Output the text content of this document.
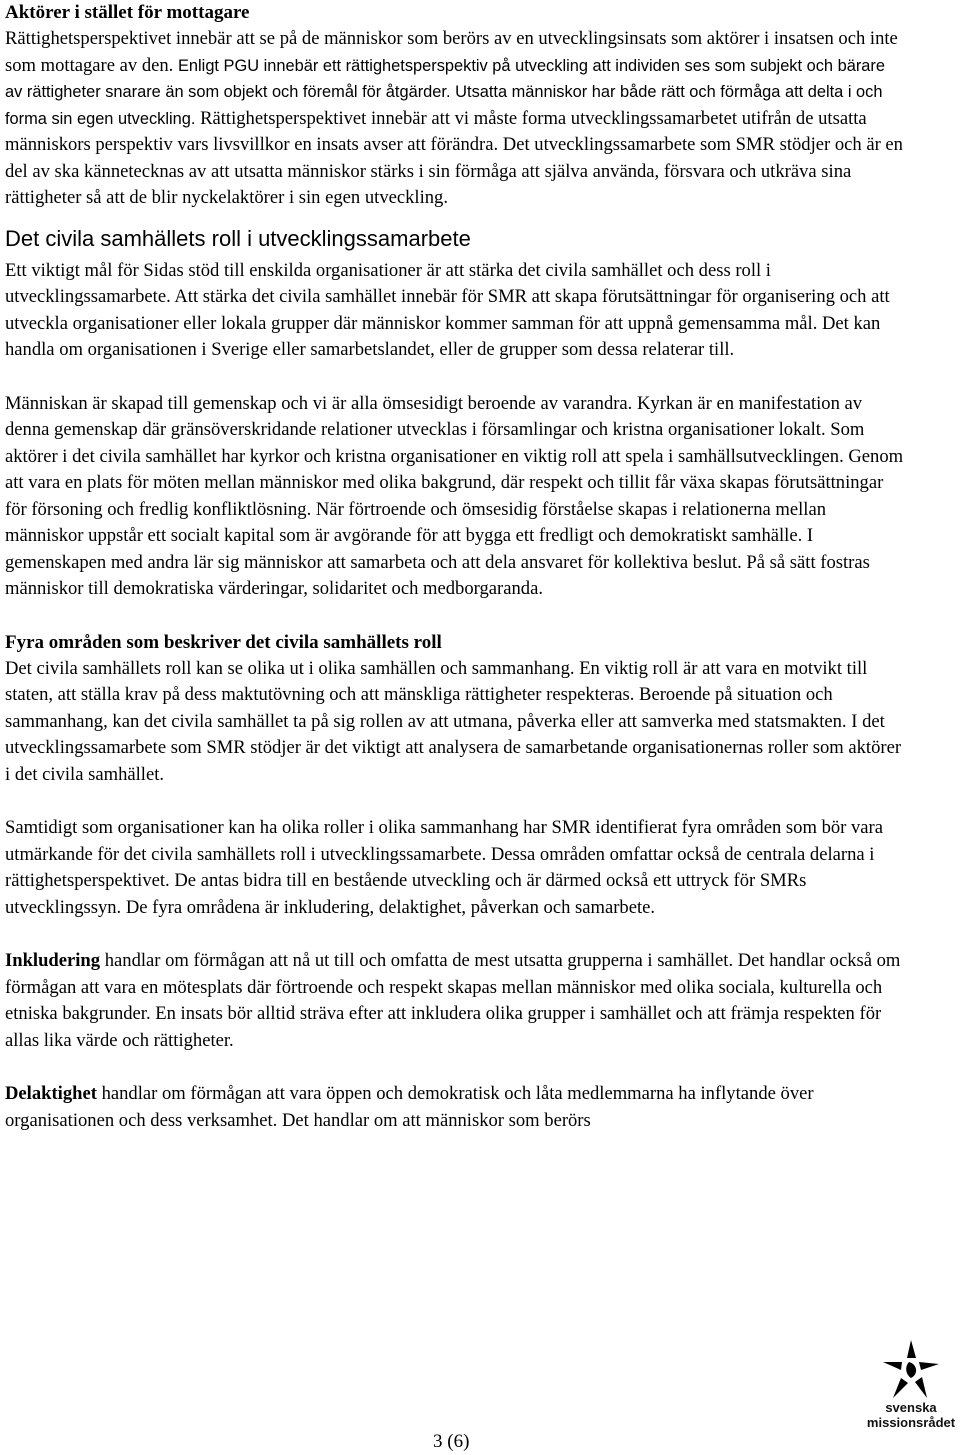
Aktörer i stället för mottagare

Rättighetsperspektivet innebär att se på de människor som berörs av en utvecklingsinsats som aktörer i insatsen och inte som mottagare av den. Enligt PGU innebär ett rättighetsperspektiv på utveckling att individen ses som subjekt och bärare av rättigheter snarare än som objekt och föremål för åtgärder. Utsatta människor har både rätt och förmåga att delta i och forma sin egen utveckling. Rättighetsperspektivet innebär att vi måste forma utvecklingssamarbetet utifrån de utsatta människors perspektiv vars livsvillkor en insats avser att förändra. Det utvecklingssamarbete som SMR stödjer och är en del av ska kännetecknas av att utsatta människor stärks i sin förmåga att själva använda, försvara och utkräva sina rättigheter så att de blir nyckelaktörer i sin egen utveckling.

Det civila samhällets roll i utvecklingssamarbete

Ett viktigt mål för Sidas stöd till enskilda organisationer är att stärka det civila samhället och dess roll i utvecklingssamarbete. Att stärka det civila samhället innebär för SMR att skapa förutsättningar för organisering och att utveckla organisationer eller lokala grupper där människor kommer samman för att uppnå gemensamma mål. Det kan handla om organisationen i Sverige eller samarbetslandet, eller de grupper som dessa relaterar till.

Människan är skapad till gemenskap och vi är alla ömsesidigt beroende av varandra. Kyrkan är en manifestation av denna gemenskap där gränsöverskridande relationer utvecklas i församlingar och kristna organisationer lokalt. Som aktörer i det civila samhället har kyrkor och kristna organisationer en viktig roll att spela i samhällsutvecklingen. Genom att vara en plats för möten mellan människor med olika bakgrund, där respekt och tillit får växa skapas förutsättningar för försoning och fredlig konfliktlösning. När förtroende och ömsesidig förståelse skapas i relationerna mellan människor uppstår ett socialt kapital som är avgörande för att bygga ett fredligt och demokratiskt samhälle. I gemenskapen med andra lär sig människor att samarbeta och att dela ansvaret för kollektiva beslut. På så sätt fostras människor till demokratiska värderingar, solidaritet och medborgaranda.

Fyra områden som beskriver det civila samhällets roll

Det civila samhällets roll kan se olika ut i olika samhällen och sammanhang. En viktig roll är att vara en motvikt till staten, att ställa krav på dess maktutövning och att mänskliga rättigheter respekteras. Beroende på situation och sammanhang, kan det civila samhället ta på sig rollen av att utmana, påverka eller att samverka med statsmakten. I det utvecklingssamarbete som SMR stödjer är det viktigt att analysera de samarbetande organisationernas roller som aktörer i det civila samhället.

Samtidigt som organisationer kan ha olika roller i olika sammanhang har SMR identifierat fyra områden som bör vara utmärkande för det civila samhällets roll i utvecklingssamarbete. Dessa områden omfattar också de centrala delarna i rättighetsperspektivet. De antas bidra till en bestående utveckling och är därmed också ett uttryck för SMRs utvecklingssyn. De fyra områdena är inkludering, delaktighet, påverkan och samarbete.

Inkludering handlar om förmågan att nå ut till och omfatta de mest utsatta grupperna i samhället. Det handlar också om förmågan att vara en mötesplats där förtroende och respekt skapas mellan människor med olika sociala, kulturella och etniska bakgrunder. En insats bör alltid sträva efter att inkludera olika grupper i samhället och att främja respekten för allas lika värde och rättigheter.

Delaktighet handlar om förmågan att vara öppen och demokratisk och låta medlemmarna ha inflytande över organisationen och dess verksamhet. Det handlar om att människor som berörs

3 (6)
svenska
missionsrådet
